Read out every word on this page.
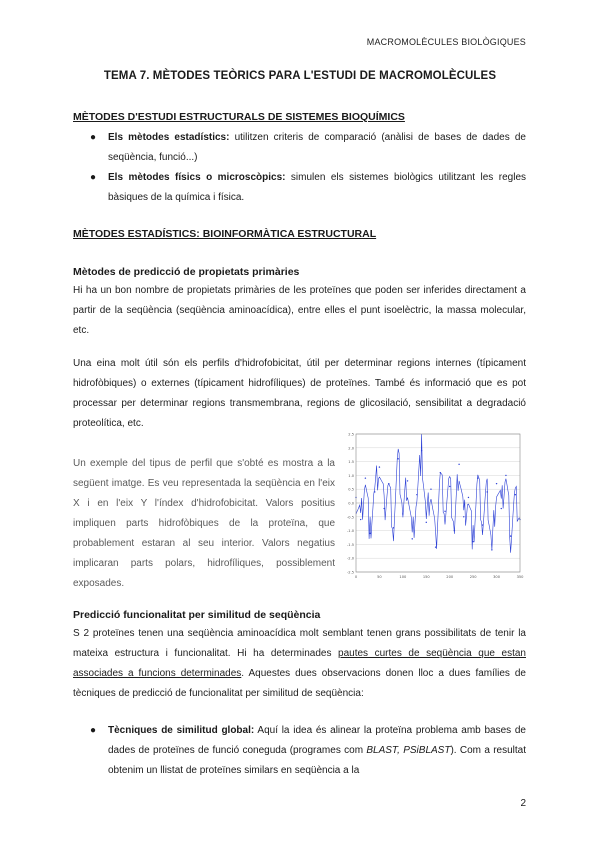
MACROMOLÈCULES BIOLÒGIQUES
TEMA 7. MÈTODES TEÒRICS PARA L'ESTUDI DE MACROMOLÈCULES
MÈTODES D'ESTUDI ESTRUCTURALS DE SISTEMES BIOQUÍMICS
● Els mètodes estadístics: utilitzen criteris de comparació (anàlisi de bases de dades de seqüència, funció...)
● Els mètodes físics o microscòpics: simulen els sistemes biològics utilitzant les regles bàsiques de la química i física.
MÈTODES ESTADÍSTICS: BIOINFORMÀTICA ESTRUCTURAL
Mètodes de predicció de propietats primàries
Hi ha un bon nombre de propietats primàries de les proteïnes que poden ser inferides directament a partir de la seqüència (seqüència aminoacídica), entre elles el punt isoelèctric, la massa molecular, etc.
Una eina molt útil són els perfils d'hidrofobicitat, útil per determinar regions internes (típicament hidrofòbiques) o externes (típicament hidrofíliques) de proteïnes. També és informació que es pot processar per determinar regions transmembrana, regions de glicosilació, sensibilitat a degradació proteolítica, etc.
Un exemple del tipus de perfil que s'obté es mostra a la següent imatge. Es veu representada la seqüència en l'eix X i en l'eix Y l'índex d'hidrofobicitat. Valors positius impliquen parts hidrofòbiques de la proteïna, que probablement estaran al seu interior. Valors negatius implicaran parts polars, hidrofíliques, possiblement exposades.
-2.5
-2.0
-1.5
-1.0
-0.5
0.0
0.5
1.0
1.5
2.0
2.5
0	50	100	150	200	250	300	350
Predicció funcionalitat per similitud de seqüència
S 2 proteïnes tenen una seqüència aminoacídica molt semblant tenen grans possibilitats de tenir la mateixa estructura i funcionalitat. Hi ha determinades pautes curtes de seqüència que estan associades a funcions determinades. Aquestes dues observacions donen lloc a dues famílies de tècniques de predicció de funcionalitat per similitud de seqüència:
● Tècniques de similitud global: Aquí la idea és alinear la proteïna problema amb bases de dades de proteïnes de funció coneguda (programes com BLAST, PSiBLAST). Com a resultat obtenim un llistat de proteïnes similars en seqüència a la
2
